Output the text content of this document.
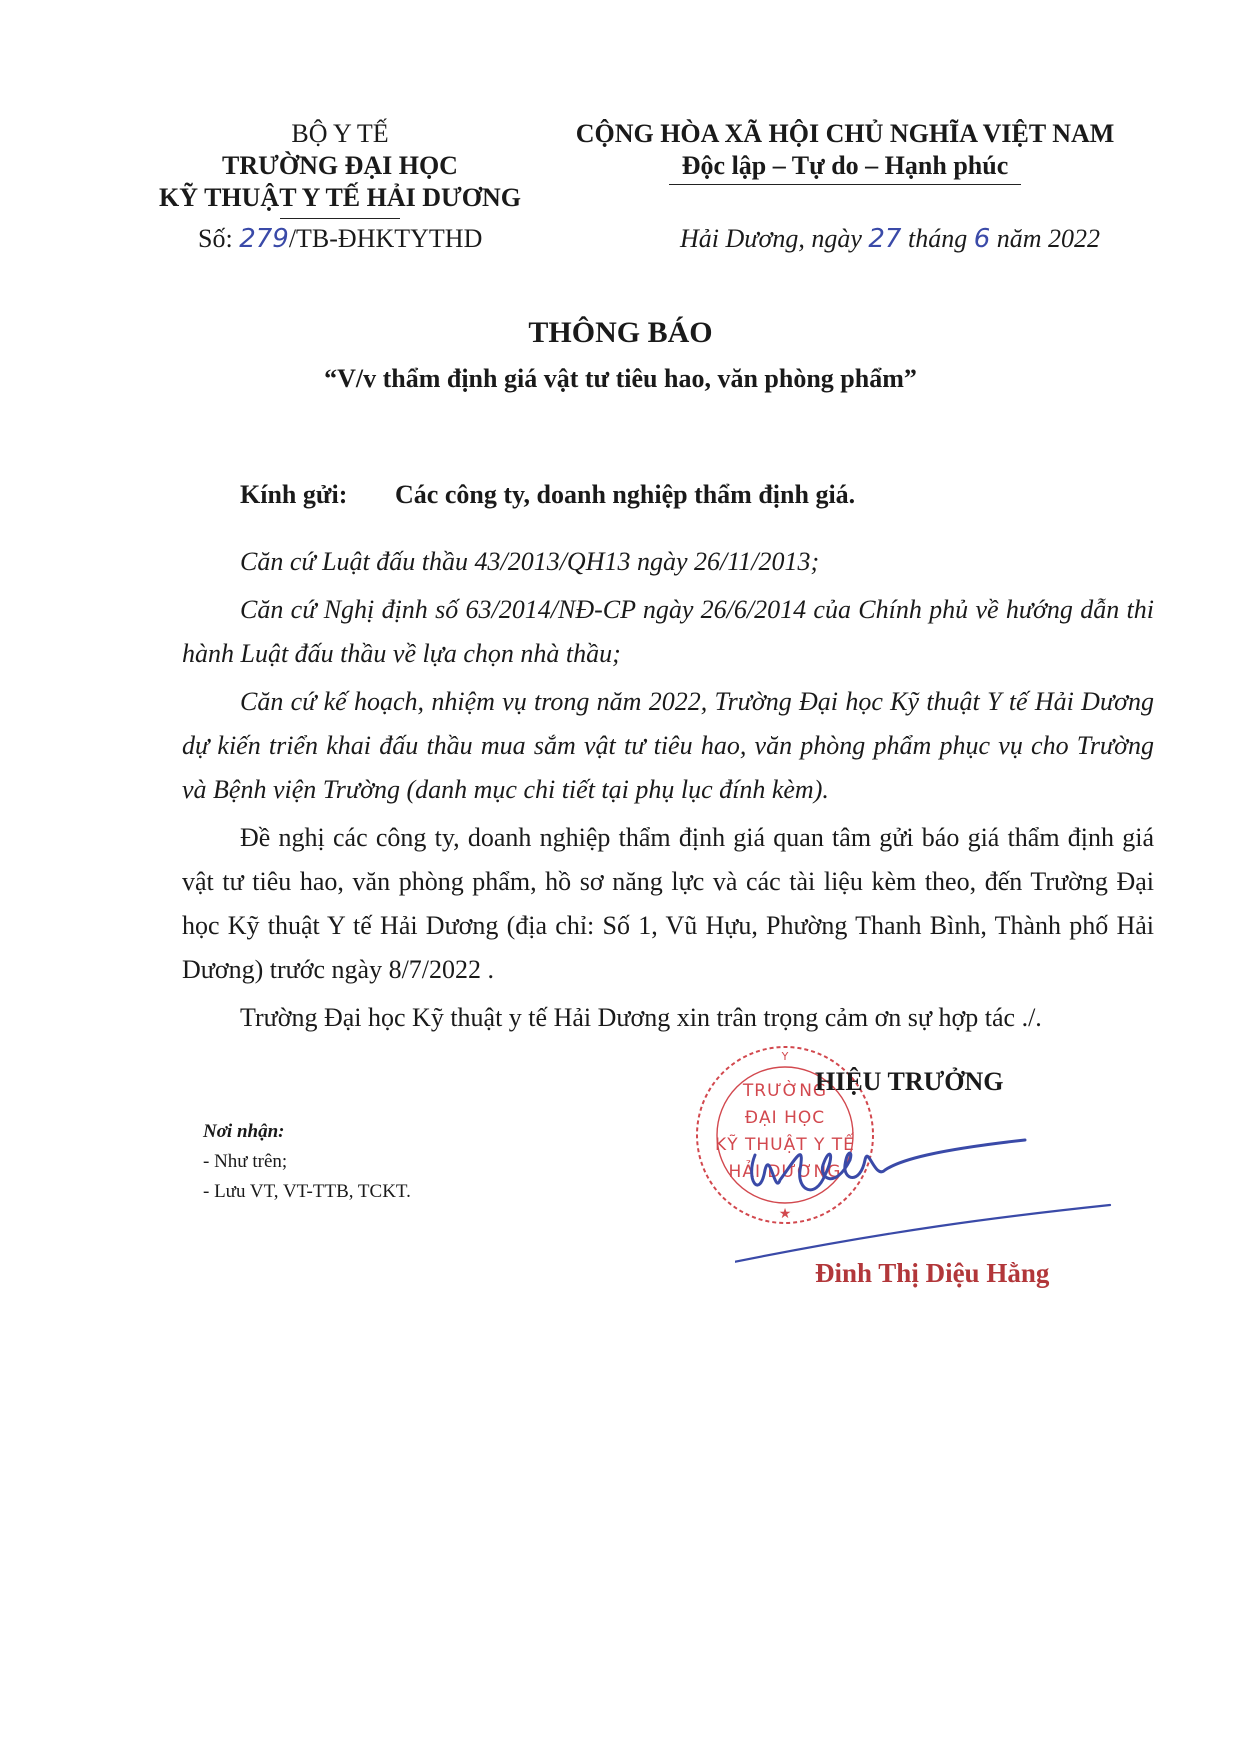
BỘ Y TẾ
TRƯỜNG ĐẠI HỌC
KỸ THUẬT Y TẾ HẢI DƯƠNG
Số: 279/TB-ĐHKTYTHD
CỘNG HÒA XÃ HỘI CHỦ NGHĨA VIỆT NAM
Độc lập – Tự do – Hạnh phúc
Hải Dương, ngày 27 tháng 6 năm 2022
THÔNG BÁO
“V/v thẩm định giá vật tư tiêu hao, văn phòng phẩm”
Kính gửi: Các công ty, doanh nghiệp thẩm định giá.

Căn cứ Luật đấu thầu 43/2013/QH13 ngày 26/11/2013;

Căn cứ Nghị định số 63/2014/NĐ-CP ngày 26/6/2014 của Chính phủ về hướng dẫn thi hành Luật đấu thầu về lựa chọn nhà thầu;

Căn cứ kế hoạch, nhiệm vụ trong năm 2022, Trường Đại học Kỹ thuật Y tế Hải Dương dự kiến triển khai đấu thầu mua sắm vật tư tiêu hao, văn phòng phẩm phục vụ cho Trường và Bệnh viện Trường (danh mục chi tiết tại phụ lục đính kèm).

Đề nghị các công ty, doanh nghiệp thẩm định giá quan tâm gửi báo giá thẩm định giá vật tư tiêu hao, văn phòng phẩm, hồ sơ năng lực và các tài liệu kèm theo, đến Trường Đại học Kỹ thuật Y tế Hải Dương (địa chỉ: Số 1, Vũ Hựu, Phường Thanh Bình, Thành phố Hải Dương) trước ngày 8/7/2022 .

Trường Đại học Kỹ thuật y tế Hải Dương xin trân trọng cảm ơn sự hợp tác ./.

Nơi nhận:
- Như trên;
- Lưu VT, VT-TTB, TCKT.
Y
★
TRƯỜNG
ĐẠI HỌC
KỸ THUẬT Y TẾ
HẢI DƯƠNG
HIỆU TRƯỞNG
Đinh Thị Diệu Hằng
